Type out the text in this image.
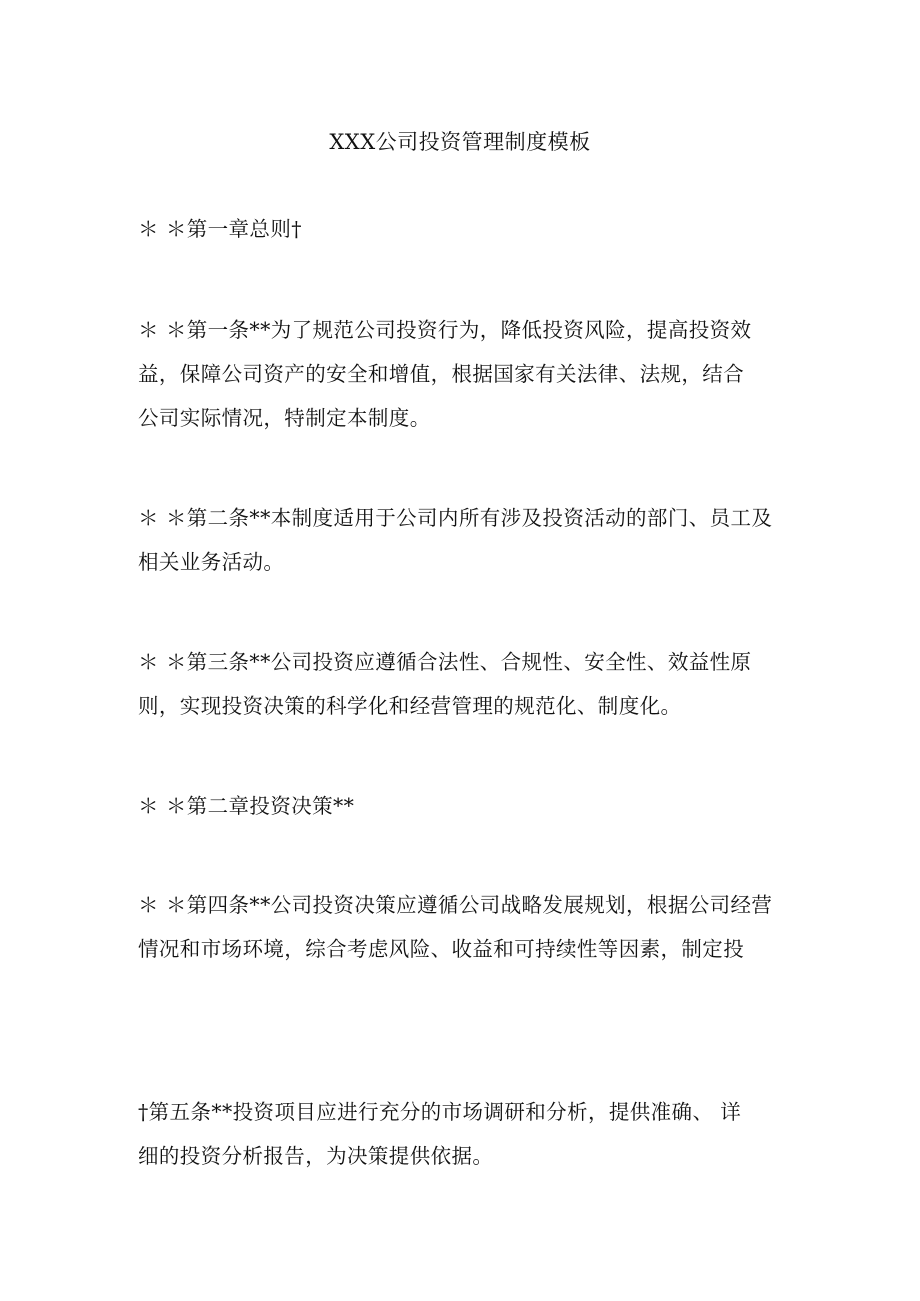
XXX公司投资管理制度模板
＊ ＊第一章总则†
＊ ＊第一条**为了规范公司投资行为，降低投资风险，提高投资效
益，保障公司资产的安全和增值，根据国家有关法律、法规，结合
公司实际情况，特制定本制度。
＊ ＊第二条**本制度适用于公司内所有涉及投资活动的部门、员工及
相关业务活动。
＊ ＊第三条**公司投资应遵循合法性、合规性、安全性、效益性原
则，实现投资决策的科学化和经营管理的规范化、制度化。
＊ ＊第二章投资决策**
＊ ＊第四条**公司投资决策应遵循公司战略发展规划，根据公司经营
情况和市场环境，综合考虑风险、收益和可持续性等因素，制定投
†第五条**投资项目应进行充分的市场调研和分析，提供准确、 详
细的投资分析报告，为决策提供依据。
